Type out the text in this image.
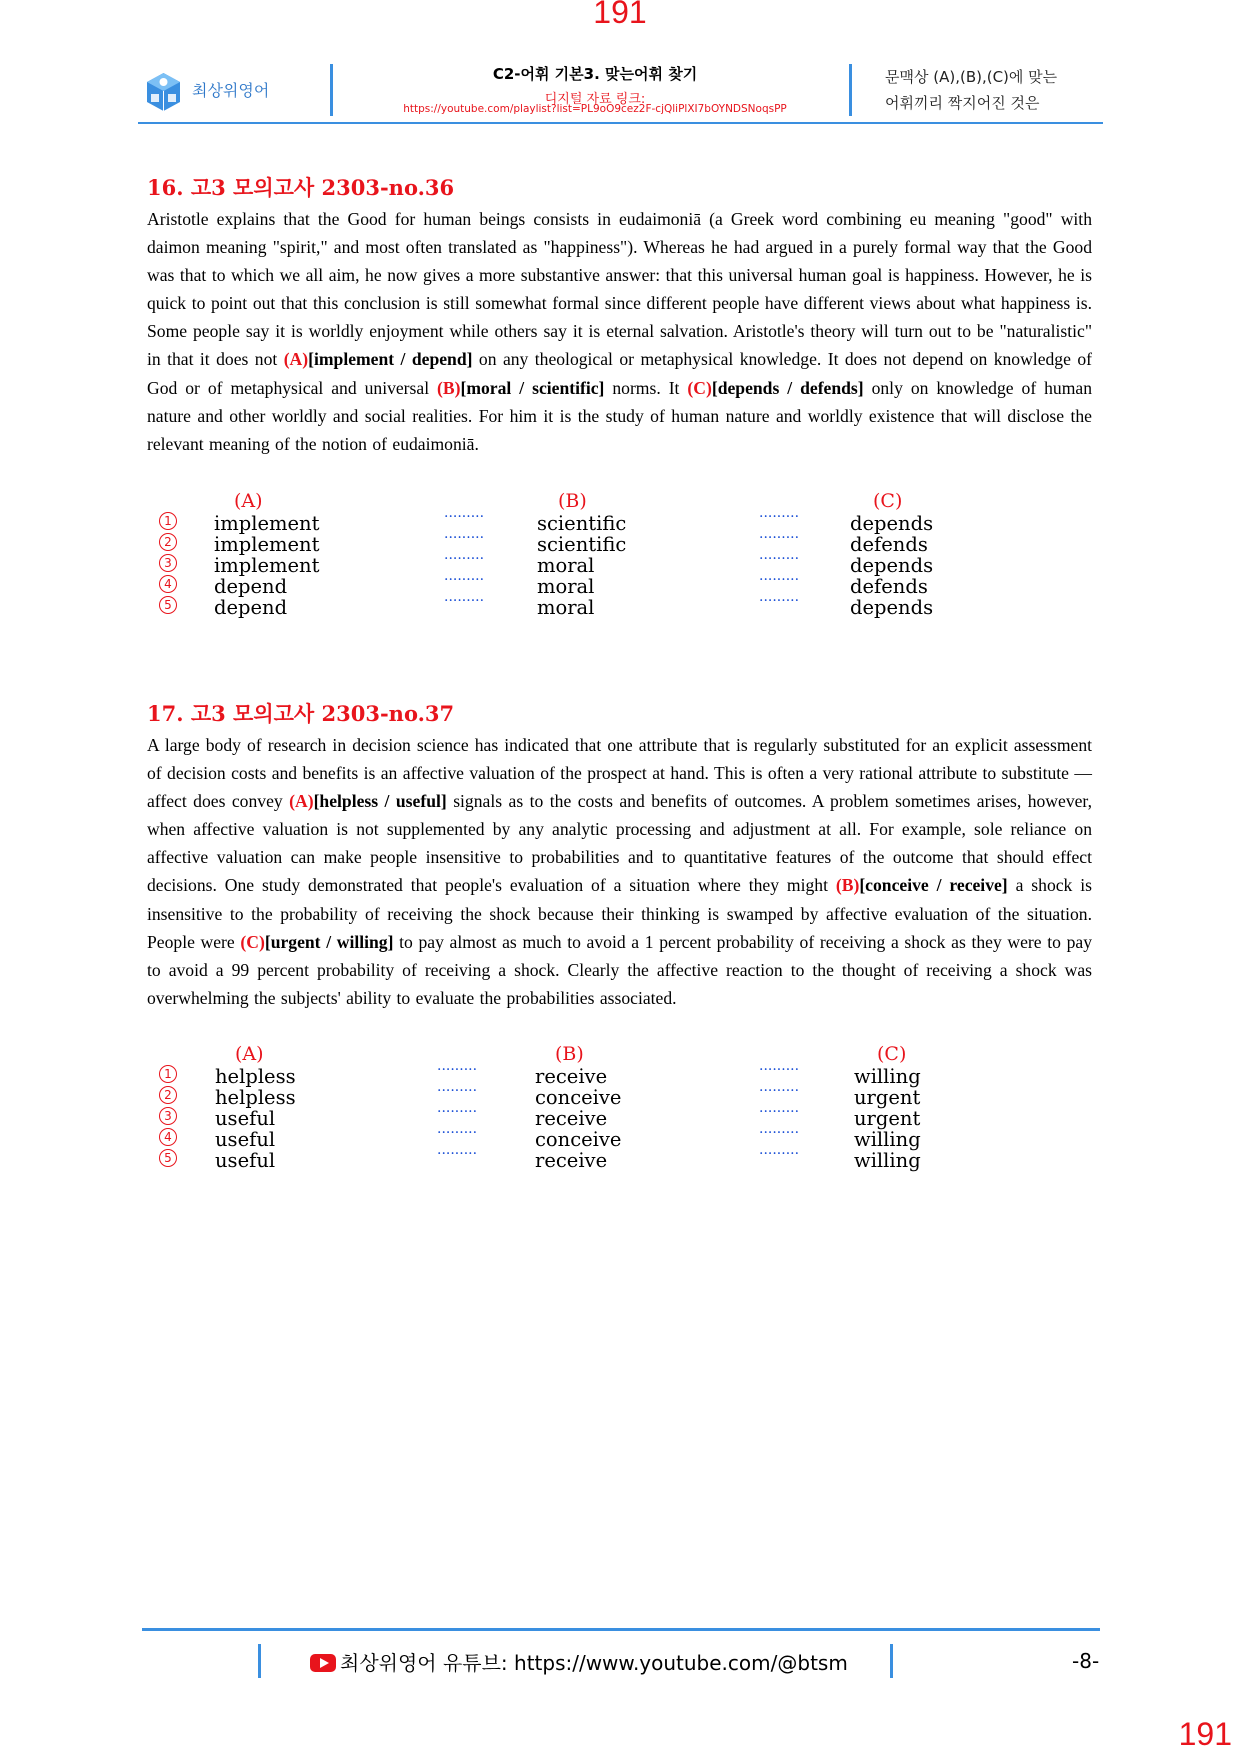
191
최상위영어
C2-어휘 기본3. 맞는어휘 찾기
디지털 자료 링크:
https://youtube.com/playlist?list=PL9oO9cez2F-cjQliPlXI7bOYNDSNoqsPP
문맥상 (A),(B),(C)에 맞는
어휘끼리 짝지어진 것은
16. 고3 모의고사 2303-no.36
Aristotle explains that the Good for human beings consists in eudaimoniā (a Greek word combining eu meaning "good" with daimon meaning "spirit," and most often translated as "happiness"). Whereas he had argued in a purely formal way that the Good was that to which we all aim, he now gives a more substantive answer: that this universal human goal is happiness. However, he is quick to point out that this conclusion is still somewhat formal since different people have different views about what happiness is. Some people say it is worldly enjoyment while others say it is eternal salvation. Aristotle's theory will turn out to be "naturalistic" in that it does not (A)[implement / depend] on any theological or metaphysical knowledge. It does not depend on knowledge of God or of metaphysical and universal (B)[moral / scientific] norms. It (C)[depends / defends] only on knowledge of human nature and other worldly and social realities. For him it is the study of human nature and worldly existence that will disclose the relevant meaning of the notion of eudaimoniā.
(A)	(B)	(C)
1 implement	·········	scientific	·········	depends
2 implement	·········	scientific	·········	defends
3 implement	·········	moral	·········	depends
4 depend	·········	moral	·········	defends
5 depend	·········	moral	·········	depends
17. 고3 모의고사 2303-no.37
A large body of research in decision science has indicated that one attribute that is regularly substituted for an explicit assessment of decision costs and benefits is an affective valuation of the prospect at hand. This is often a very rational attribute to substitute — affect does convey (A)[helpless / useful] signals as to the costs and benefits of outcomes. A problem sometimes arises, however, when affective valuation is not supplemented by any analytic processing and adjustment at all. For example, sole reliance on affective valuation can make people insensitive to probabilities and to quantitative features of the outcome that should effect decisions. One study demonstrated that people's evaluation of a situation where they might (B)[conceive / receive] a shock is insensitive to the probability of receiving the shock because their thinking is swamped by affective evaluation of the situation. People were (C)[urgent / willing] to pay almost as much to avoid a 1 percent probability of receiving a shock as they were to pay to avoid a 99 percent probability of receiving a shock. Clearly the affective reaction to the thought of receiving a shock was overwhelming the subjects' ability to evaluate the probabilities associated.
(A)	(B)	(C)
1 helpless	·········	receive	·········	willing
2 helpless	·········	conceive	·········	urgent
3 useful	·········	receive	·········	urgent
4 useful	·········	conceive	·········	willing
5 useful	·········	receive	·········	willing
최상위영어 유튜브: https://www.youtube.com/@btsm	-8-
191
